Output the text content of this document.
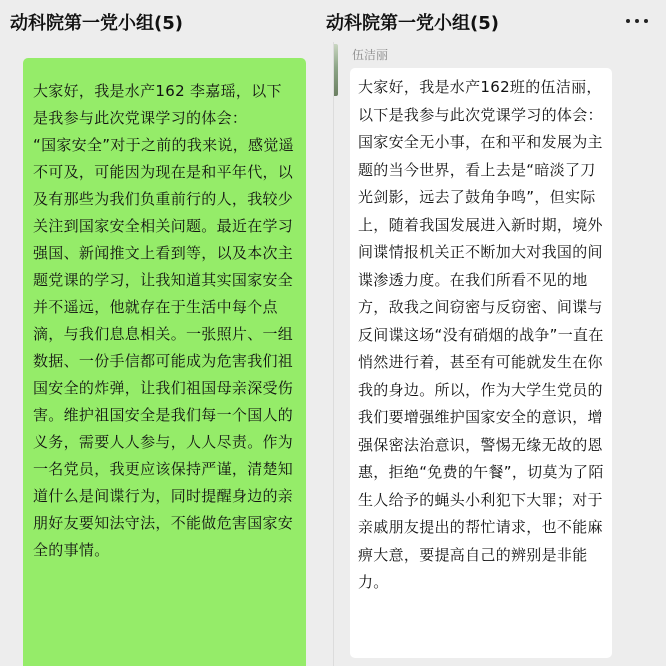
动科院第一党小组(5)	动科院第一党小组(5)

大家好，我是水产162 李嘉瑶，以下是我参与此次党课学习的体会：
“国家安全”对于之前的我来说，感觉遥不可及，可能因为现在是和平年代，以及有那些为我们负重前行的人，我较少关注到国家安全相关问题。最近在学习强国、新闻推文上看到等，以及本次主题党课的学习，让我知道其实国家安全并不遥远，他就存在于生活中每个点滴，与我们息息相关。一张照片、一组数据、一份手信都可能成为危害我们祖国安全的炸弹，让我们祖国母亲深受伤害。维护祖国安全是我们每一个国人的义务，需要人人参与，人人尽责。作为一名党员，我更应该保持严谨，清楚知道什么是间谍行为，同时提醒身边的亲朋好友要知法守法，不能做危害国家安全的事情。

伍洁丽

大家好，我是水产162班的伍洁丽，以下是我参与此次党课学习的体会：国家安全无小事，在和平和发展为主题的当今世界，看上去是“暗淡了刀光剑影，远去了鼓角争鸣”，但实际上，随着我国发展进入新时期，境外间谍情报机关正不断加大对我国的间谍渗透力度。在我们所看不见的地方，敌我之间窃密与反窃密、间谍与反间谍这场“没有硝烟的战争”一直在悄然进行着，甚至有可能就发生在你我的身边。所以，作为大学生党员的我们要增强维护国家安全的意识，增强保密法治意识，警惕无缘无故的恩惠，拒绝“免费的午餐”，切莫为了陌生人给予的蝇头小利犯下大罪；对于亲戚朋友提出的帮忙请求，也不能麻痹大意，要提高自己的辨别是非能力。
